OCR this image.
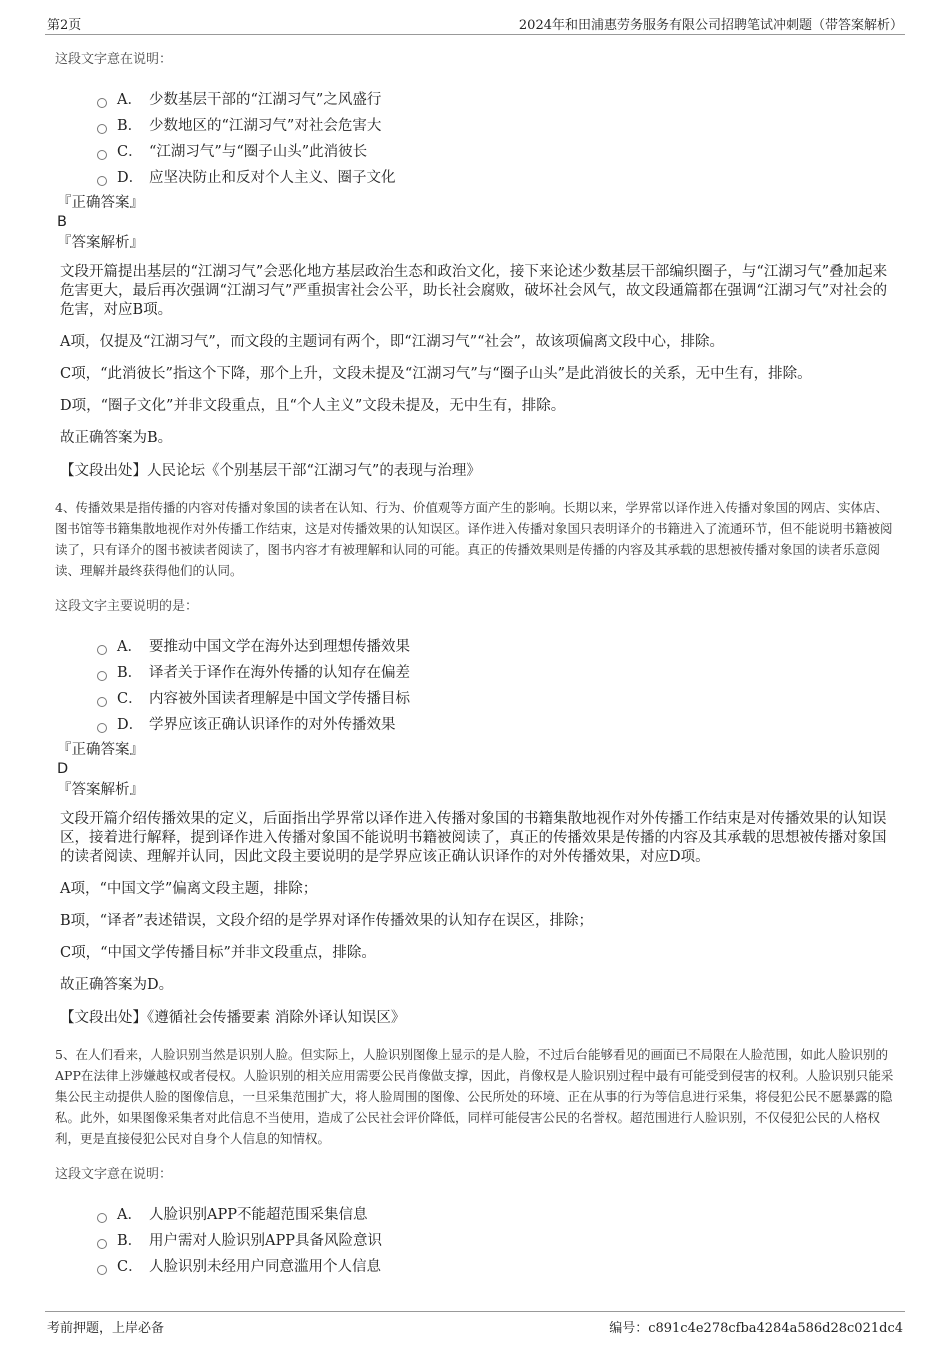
第2页	2024年和田浦惠劳务服务有限公司招聘笔试冲刺题（带答案解析）
这段文字意在说明：
A． 少数基层干部的“江湖习气”之风盛行
B． 少数地区的“江湖习气”对社会危害大
C． “江湖习气”与“圈子山头”此消彼长
D． 应坚决防止和反对个人主义、圈子文化
『正确答案』
B
『答案解析』

文段开篇提出基层的“江湖习气”会恶化地方基层政治生态和政治文化，接下来论述少数基层干部编织圈子，与“江湖习气”叠加起来危害更大，最后再次强调“江湖习气”严重损害社会公平，助长社会腐败，破坏社会风气，故文段通篇都在强调“江湖习气”对社会的危害，对应B项。

A项，仅提及“江湖习气”，而文段的主题词有两个，即“江湖习气”“社会”，故该项偏离文段中心，排除。

C项，“此消彼长”指这个下降，那个上升，文段未提及“江湖习气”与“圈子山头”是此消彼长的关系，无中生有，排除。

D项，“圈子文化”并非文段重点，且“个人主义”文段未提及，无中生有，排除。

故正确答案为B。

【文段出处】人民论坛《个别基层干部“江湖习气”的表现与治理》
4、传播效果是指传播的内容对传播对象国的读者在认知、行为、价值观等方面产生的影响。长期以来，学界常以译作进入传播对象国的网店、实体店、图书馆等书籍集散地视作对外传播工作结束，这是对传播效果的认知误区。译作进入传播对象国只表明译介的书籍进入了流通环节，但不能说明书籍被阅读了，只有译介的图书被读者阅读了，图书内容才有被理解和认同的可能。真正的传播效果则是传播的内容及其承载的思想被传播对象国的读者乐意阅读、理解并最终获得他们的认同。
这段文字主要说明的是：
A． 要推动中国文学在海外达到理想传播效果
B． 译者关于译作在海外传播的认知存在偏差
C． 内容被外国读者理解是中国文学传播目标
D． 学界应该正确认识译作的对外传播效果
『正确答案』
D
『答案解析』

文段开篇介绍传播效果的定义，后面指出学界常以译作进入传播对象国的书籍集散地视作对外传播工作结束是对传播效果的认知误区，接着进行解释，提到译作进入传播对象国不能说明书籍被阅读了，真正的传播效果是传播的内容及其承载的思想被传播对象国的读者阅读、理解并认同，因此文段主要说明的是学界应该正确认识译作的对外传播效果，对应D项。

A项，“中国文学”偏离文段主题，排除；

B项，“译者”表述错误，文段介绍的是学界对译作传播效果的认知存在误区，排除；

C项，“中国文学传播目标”并非文段重点，排除。

故正确答案为D。

【文段出处】《遵循社会传播要素 消除外译认知误区》
5、在人们看来，人脸识别当然是识别人脸。但实际上，人脸识别图像上显示的是人脸，不过后台能够看见的画面已不局限在人脸范围，如此人脸识别的APP在法律上涉嫌越权或者侵权。人脸识别的相关应用需要公民肖像做支撑，因此，肖像权是人脸识别过程中最有可能受到侵害的权利。人脸识别只能采集公民主动提供人脸的图像信息，一旦采集范围扩大，将人脸周围的图像、公民所处的环境、正在从事的行为等信息进行采集，将侵犯公民不愿暴露的隐私。此外，如果图像采集者对此信息不当使用，造成了公民社会评价降低，同样可能侵害公民的名誉权。超范围进行人脸识别，不仅侵犯公民的人格权利，更是直接侵犯公民对自身个人信息的知情权。
这段文字意在说明：
A． 人脸识别APP不能超范围采集信息
B． 用户需对人脸识别APP具备风险意识
C． 人脸识别未经用户同意滥用个人信息
考前押题，上岸必备	编号：c891c4e278cfba4284a586d28c021dc4
